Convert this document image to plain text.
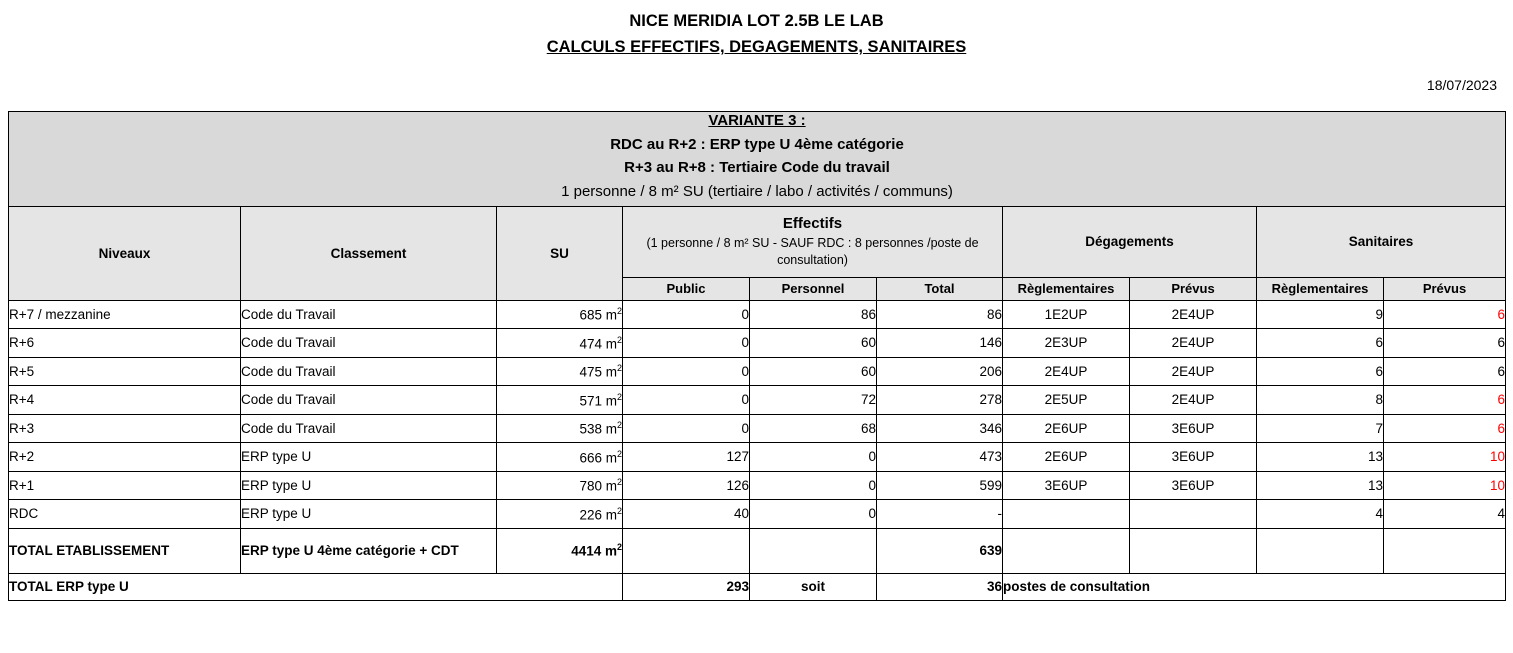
NICE MERIDIA LOT 2.5B LE LAB
CALCULS EFFECTIFS, DEGAGEMENTS, SANITAIRES
18/07/2023
VARIANTE 3 :
RDC au R+2 : ERP type U 4ème catégorie
R+3 au R+8 : Tertiaire Code du travail
1 personne / 8 m² SU (tertiaire / labo / activités / communs)									

Niveaux	Classement	SU	Effectifs
(1 personne / 8 m² SU - SAUF RDC : 8 personnes /poste de consultation)			Dégagements		Sanitaires	
			Public	Personnel	Total	Règlementaires	Prévus	Règlementaires	Prévus
R+7 / mezzanine	Code du Travail	685 $m^2$	0	86	86	1E2UP	2E4UP	9	6
R+6	Code du Travail	474 $m^2$	0	60	146	2E3UP	2E4UP	6	6
R+5	Code du Travail	475 $m^2$	0	60	206	2E4UP	2E4UP	6	6
R+4	Code du Travail	571 $m^2$	0	72	278	2E5UP	2E4UP	8	6
R+3	Code du Travail	538 $m^2$	0	68	346	2E6UP	3E6UP	7	6
R+2	ERP type U	666 $m^2$	127	0	473	2E6UP	3E6UP	13	10
R+1	ERP type U	780 $m^2$	126	0	599	3E6UP	3E6UP	13	10
RDC	ERP type U	226 $m^2$	40	0	-			4	4
TOTAL ETABLISSEMENT	ERP type U 4ème catégorie + CDT	4414 $m^2$			639				
TOTAL ERP type U			293	soit	36	postes de consultation			
